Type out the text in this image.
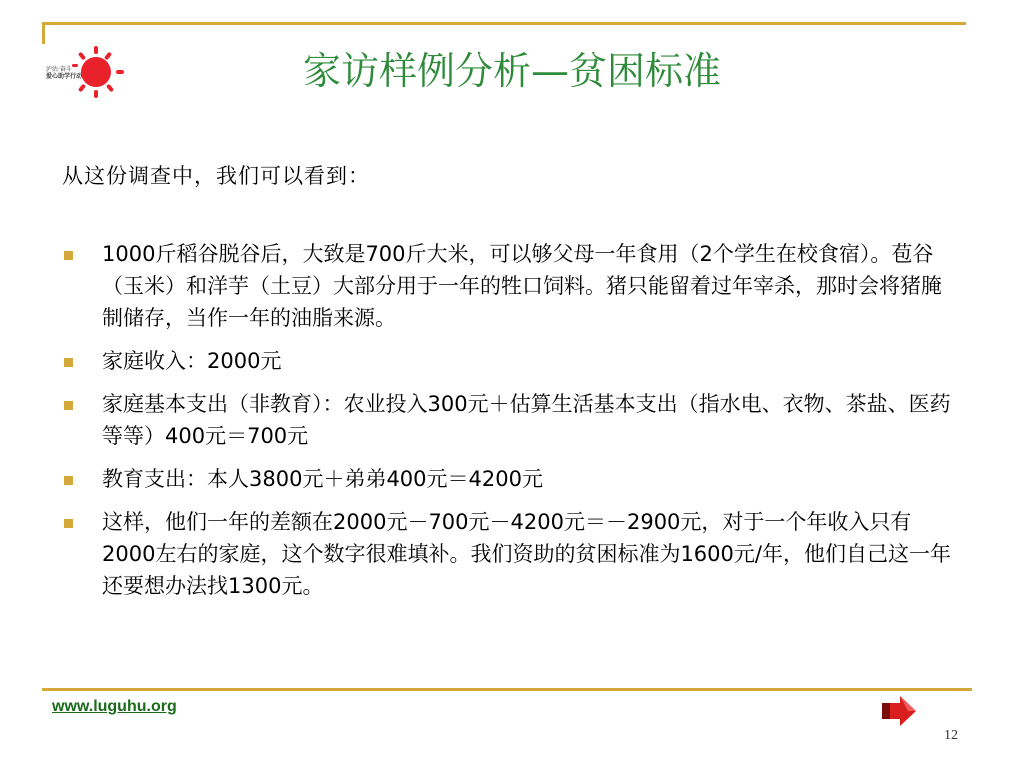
泸沽·奋斗
爱心助学行动	家访样例分析—贫困标准
从这份调查中，我们可以看到：
1000斤稻谷脱谷后，大致是700斤大米，可以够父母一年食用（2个学生在校食宿）。苞谷（玉米）和洋芋（土豆）大部分用于一年的牲口饲料。猪只能留着过年宰杀，那时会将猪腌制储存，当作一年的油脂来源。
家庭收入：2000元
家庭基本支出（非教育）：农业投入300元＋估算生活基本支出（指水电、衣物、茶盐、医药等等）400元＝700元
教育支出：本人3800元＋弟弟400元＝4200元
这样，他们一年的差额在2000元－700元－4200元＝－2900元，对于一个年收入只有2000左右的家庭，这个数字很难填补。我们资助的贫困标准为1600元/年，他们自己这一年还要想办法找1300元。
www.luguhu.org
12
